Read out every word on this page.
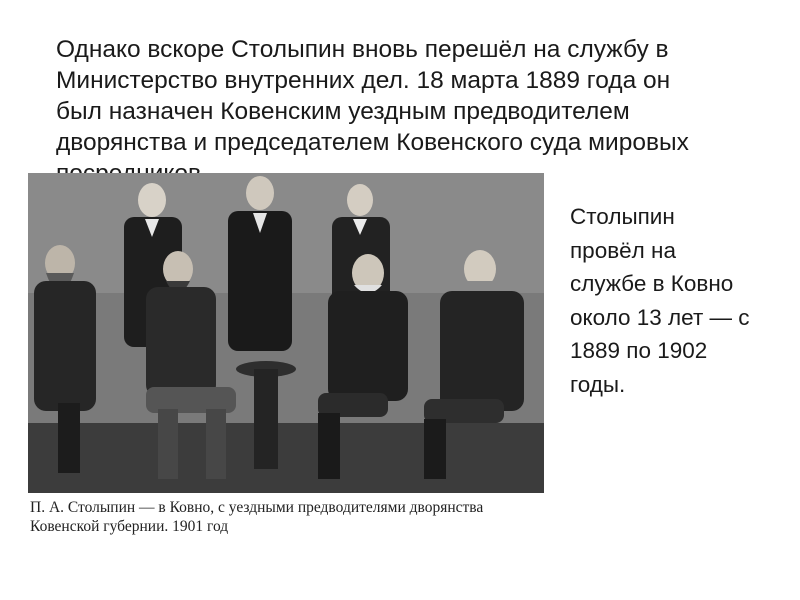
Однако вскоре Столыпин вновь перешёл на службу в
Министерство внутренних дел. 18 марта 1889 года он
был назначен Ковенским уездным предводителем
дворянства и председателем Ковенского суда мировых

Столыпин
провёл на
службе в Ковно
около 13 лет — с
1889 по 1902
годы.
П. А. Столыпин — в Ковно, с уездными предводителями дворянства
Ковенской губернии. 1901 год
